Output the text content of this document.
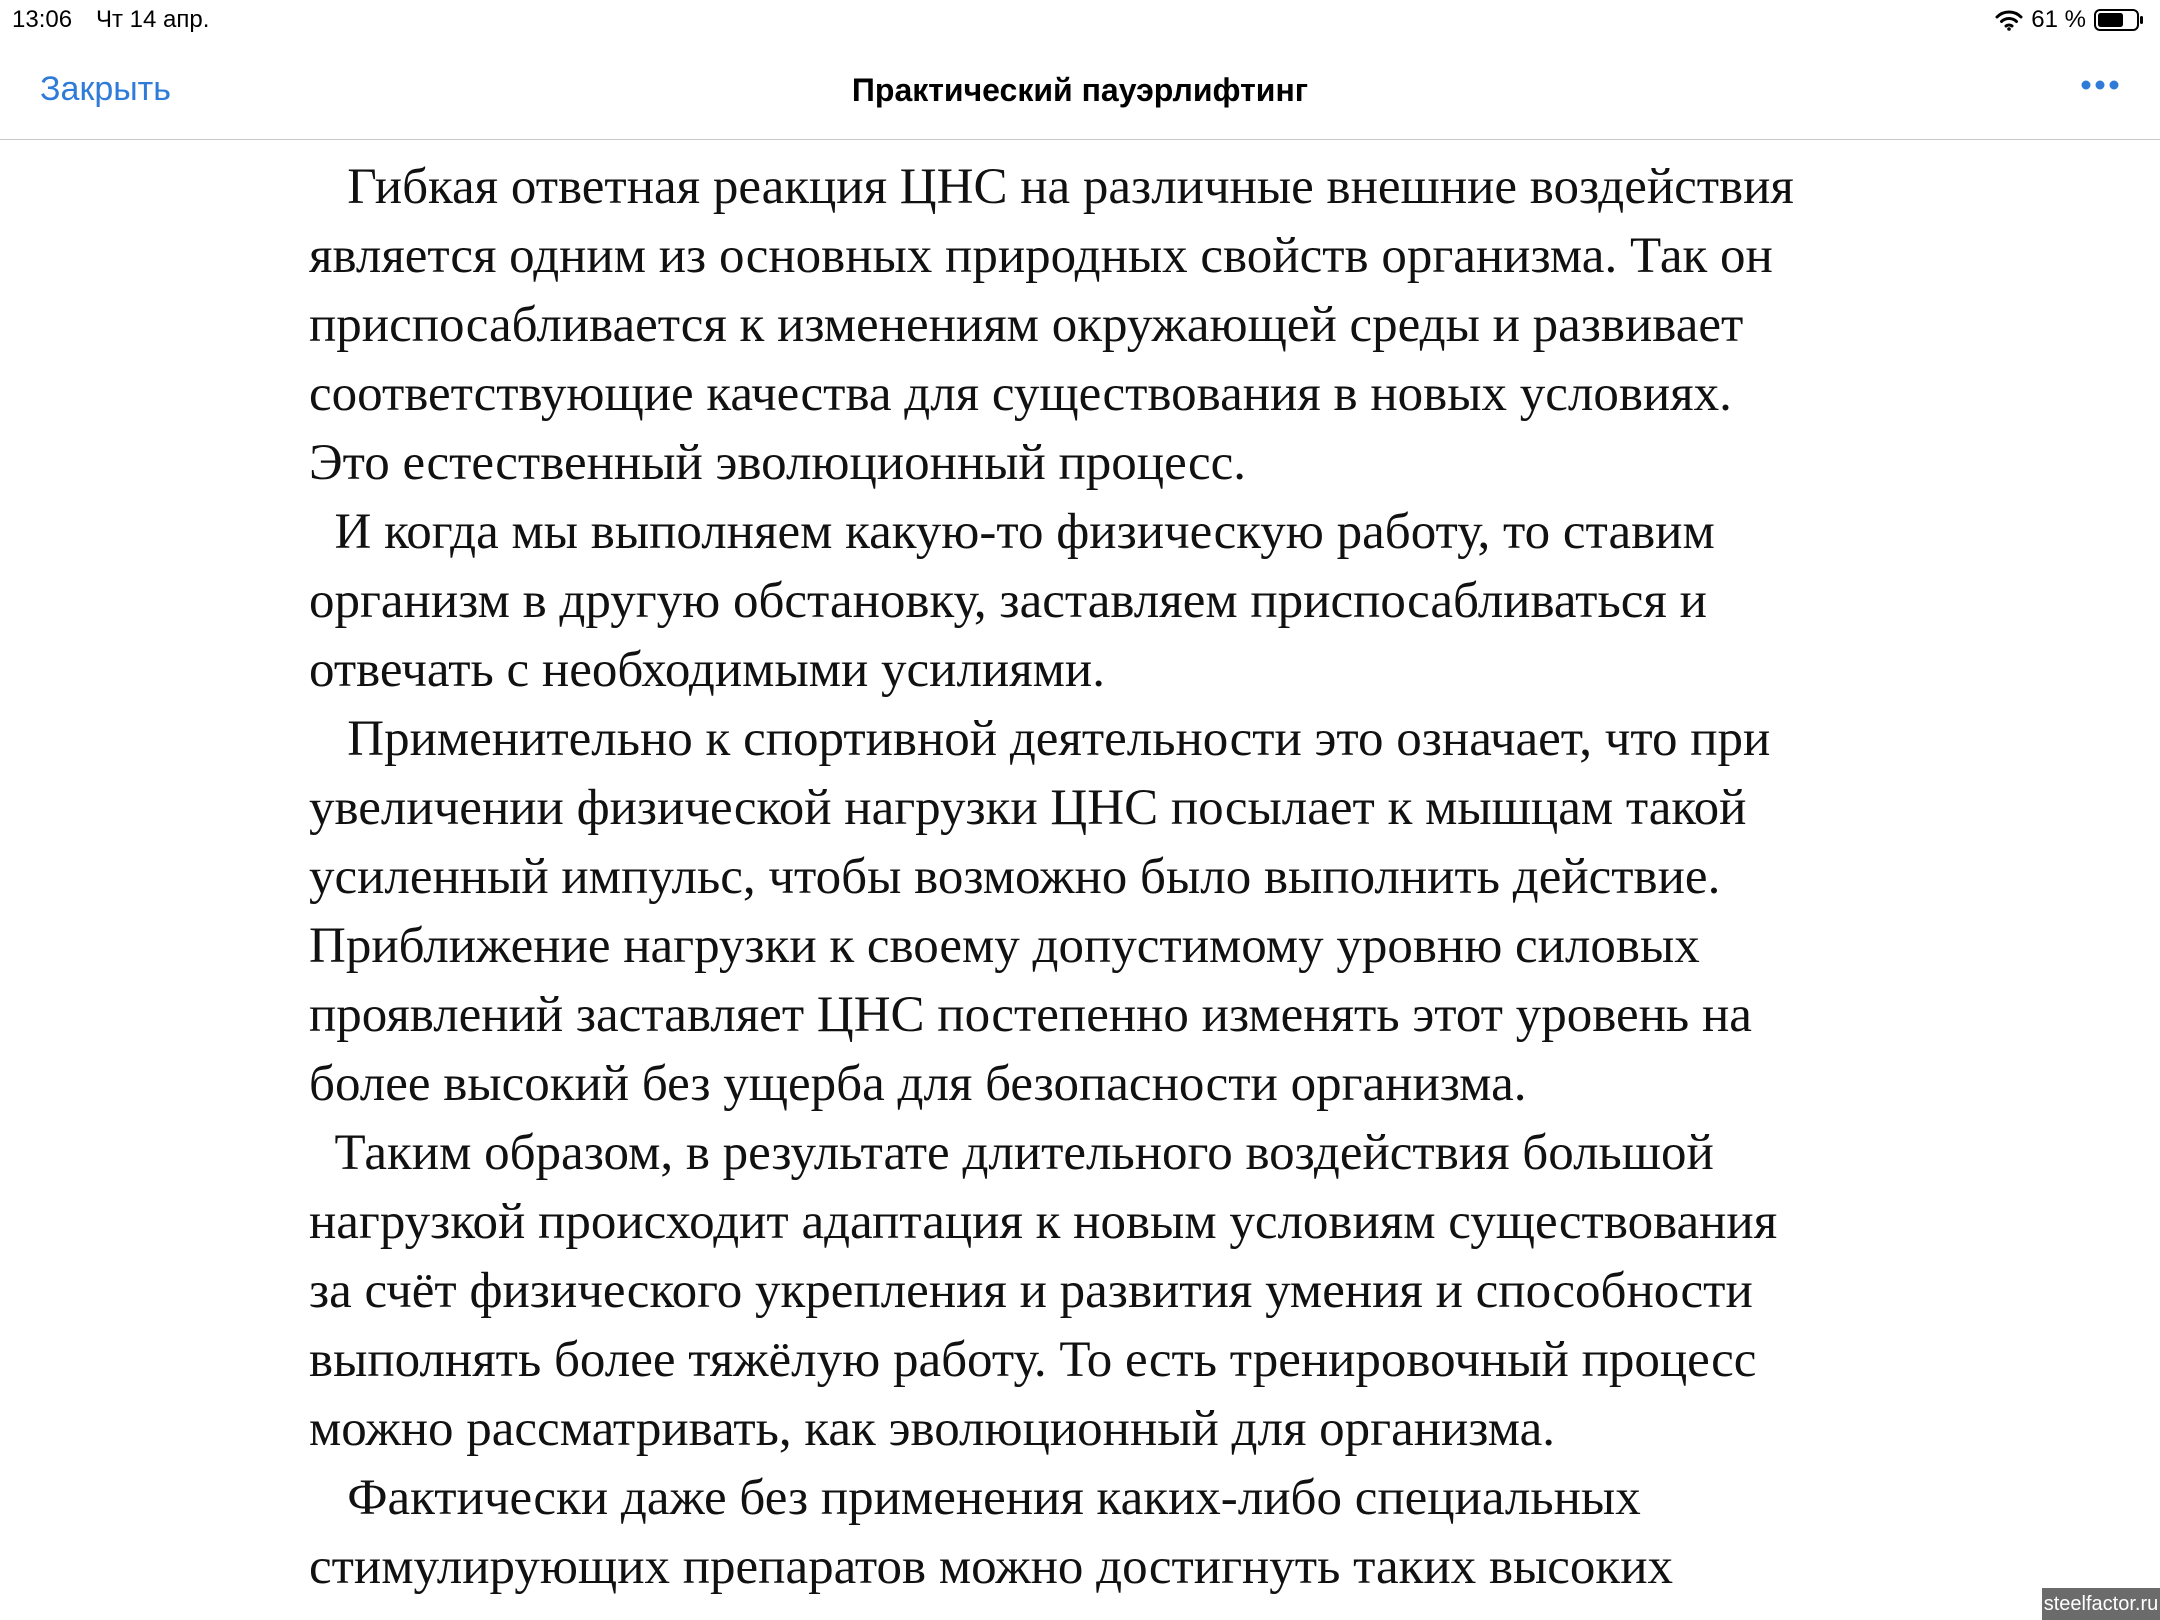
13:06 Чт 14 апр.	61 %
Закрыть	Практический пауэрлифтинг
Гибкая ответная реакция ЦНС на различные внешние воздействия
является одним из основных природных свойств организма. Так он
приспосабливается к изменениям окружающей среды и развивает
соответствующие качества для существования в новых условиях.
Это естественный эволюционный процесс.
И когда мы выполняем какую-то физическую работу, то ставим
организм в другую обстановку, заставляем приспосабливаться и
отвечать с необходимыми усилиями.
Применительно к спортивной деятельности это означает, что при
увеличении физической нагрузки ЦНС посылает к мышцам такой
усиленный импульс, чтобы возможно было выполнить действие.
Приближение нагрузки к своему допустимому уровню силовых
проявлений заставляет ЦНС постепенно изменять этот уровень на
более высокий без ущерба для безопасности организма.
Таким образом, в результате длительного воздействия большой
нагрузкой происходит адаптация к новым условиям существования
за счёт физического укрепления и развития умения и способности
выполнять более тяжёлую работу. То есть тренировочный процесс
можно рассматривать, как эволюционный для организма.
Фактически даже без применения каких-либо специальных
стимулирующих препаратов можно достигнуть таких высоких
steelfactor.ru
